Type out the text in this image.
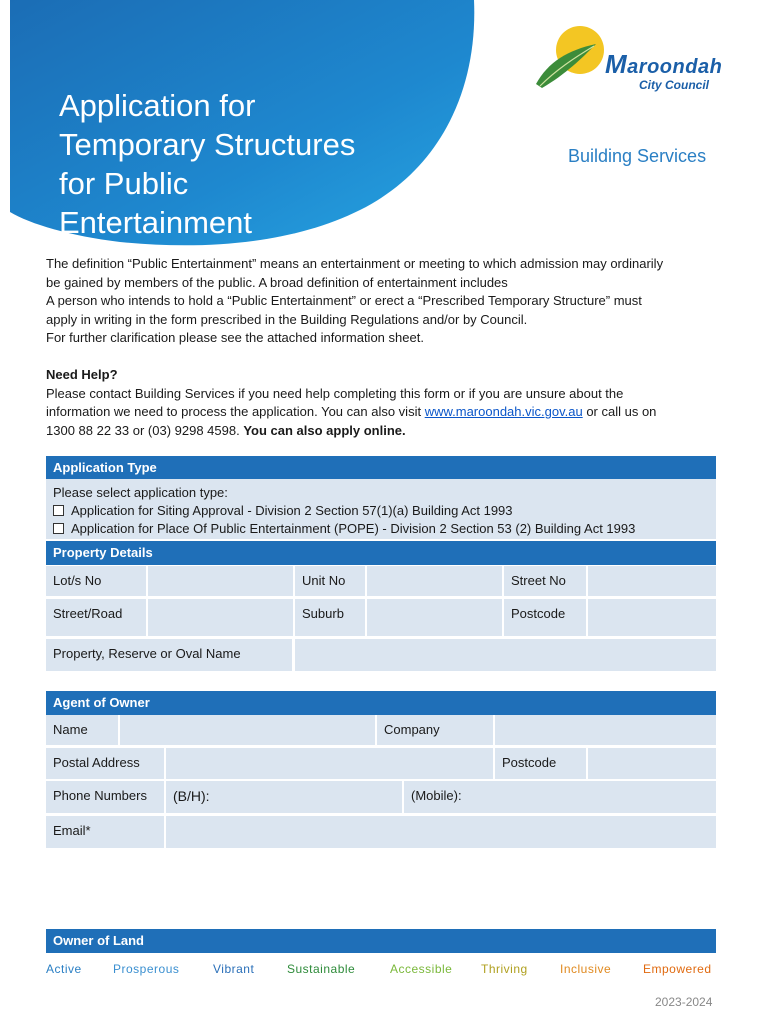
Application for
Temporary Structures
for Public
Entertainment
Maroondah
City Council
Building Services

The definition “Public Entertainment” means an entertainment or meeting to which admission may ordinarily

be gained by members of the public. A broad definition of entertainment includes

A person who intends to hold a “Public Entertainment” or erect a “Prescribed Temporary Structure” must

apply in writing in the form prescribed in the Building Regulations and/or by Council.

For further clarification please see the attached information sheet.

Need Help?

Please contact Building Services if you need help completing this form or if you are unsure about the

information we need to process the application. You can also visit www.maroondah.vic.gov.au or call us on

1300 88 22 33 or (03) 9298 4598. You can also apply online.

Application Type
Please select application type:
Application for Siting Approval - Division 2 Section 57(1)(a) Building Act 1993
Application for Place Of Public Entertainment (POPE) - Division 2 Section 53 (2) Building Act 1993
Property Details
Lot/s No	Unit No	Street No
Street/Road	Suburb	Postcode
Property, Reserve or Oval Name
Agent of Owner
Name	Company
Postal Address	Postcode
Phone Numbers	(B/H):	(Mobile):
Email*
Owner of Land
Active	Prosperous	Vibrant	Sustainable	Accessible Thriving	Inclusive	Empowered
2023-2024
